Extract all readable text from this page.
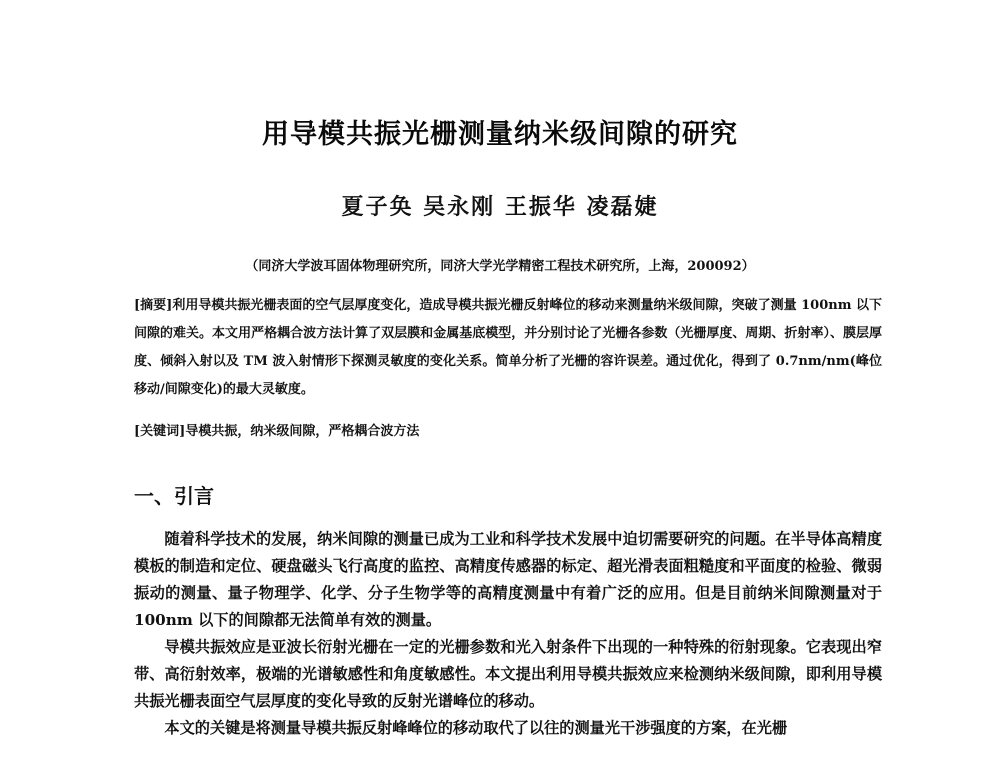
用导模共振光栅测量纳米级间隙的研究
夏子奂 吴永刚 王振华 凌磊婕
（同济大学波耳固体物理研究所，同济大学光学精密工程技术研究所，上海，200092）
[摘要]利用导模共振光栅表面的空气层厚度变化，造成导模共振光栅反射峰位的移动来测量纳米级间隙，突破了测量 100nm 以下间隙的难关。本文用严格耦合波方法计算了双层膜和金属基底模型，并分别讨论了光栅各参数（光栅厚度、周期、折射率）、膜层厚度、倾斜入射以及 TM 波入射情形下探测灵敏度的变化关系。简单分析了光栅的容许误差。通过优化，得到了 0.7nm/nm(峰位移动/间隙变化)的最大灵敏度。
[关键词]导模共振，纳米级间隙，严格耦合波方法
一、引言

随着科学技术的发展，纳米间隙的测量已成为工业和科学技术发展中迫切需要研究的问题。在半导体高精度模板的制造和定位、硬盘磁头飞行高度的监控、高精度传感器的标定、超光滑表面粗糙度和平面度的检验、微弱振动的测量、量子物理学、化学、分子生物学等的高精度测量中有着广泛的应用。但是目前纳米间隙测量对于 100nm 以下的间隙都无法简单有效的测量。

导模共振效应是亚波长衍射光栅在一定的光栅参数和光入射条件下出现的一种特殊的衍射现象。它表现出窄带、高衍射效率，极端的光谱敏感性和角度敏感性。本文提出利用导模共振效应来检测纳米级间隙，即利用导模共振光栅表面空气层厚度的变化导致的反射光谱峰位的移动。

本文的关键是将测量导模共振反射峰峰位的移动取代了以往的测量光干涉强度的方案，在光栅
